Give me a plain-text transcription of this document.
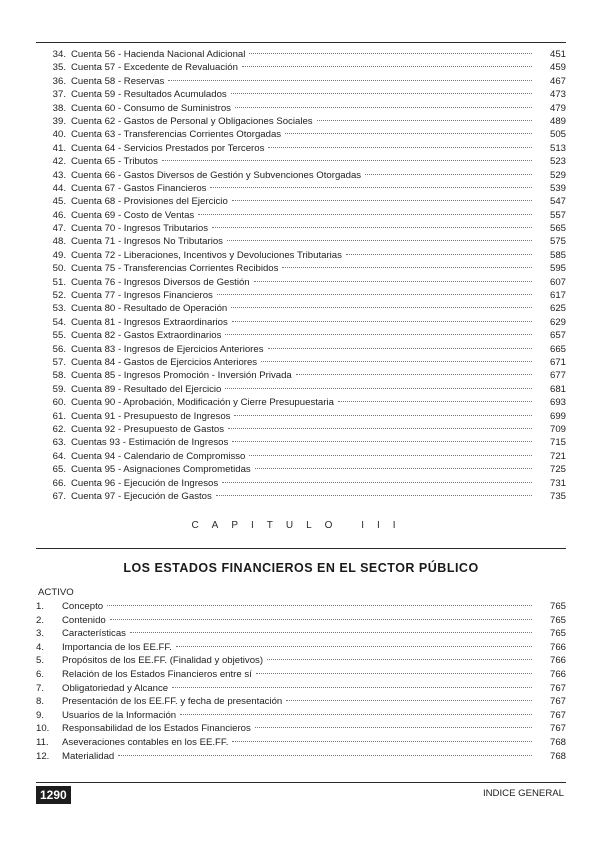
34. Cuenta 56 - Hacienda Nacional Adicional	451
35. Cuenta 57 - Excedente de Revaluación	459
36. Cuenta 58 - Reservas	467
37. Cuenta 59 - Resultados Acumulados	473
38. Cuenta 60 - Consumo de Suministros	479
39. Cuenta 62 - Gastos de Personal y Obligaciones Sociales	489
40. Cuenta 63 - Transferencias Corrientes Otorgadas	505
41. Cuenta 64 - Servicios Prestados por Terceros	513
42. Cuenta 65 - Tributos	523
43. Cuenta 66 - Gastos Diversos de Gestión y Subvenciones Otorgadas	529
44. Cuenta 67 - Gastos Financieros	539
45. Cuenta 68 - Provisiones del Ejercicio	547
46. Cuenta 69 - Costo de Ventas	557
47. Cuenta 70 - Ingresos Tributarios	565
48. Cuenta 71 - Ingresos No Tributarios	575
49. Cuenta 72 - Liberaciones, Incentivos y Devoluciones Tributarias	585
50. Cuenta 75 - Transferencias Corrientes Recibidos	595
51. Cuenta 76 - Ingresos Diversos de Gestión	607
52. Cuenta 77 - Ingresos Financieros	617
53. Cuenta 80 - Resultado de Operación	625
54. Cuenta 81 - Ingresos Extraordinarios	629
55. Cuenta 82 - Gastos Extraordinarios	657
56. Cuenta 83 - Ingresos de Ejercicios Anteriores	665
57. Cuenta 84 - Gastos de Ejercicios Anteriores	671
58. Cuenta 85 - Ingresos Promoción - Inversión Privada	677
59. Cuenta 89 - Resultado del Ejercicio	681
60. Cuenta 90 - Aprobación, Modificación y Cierre Presupuestaria	693
61. Cuenta 91 - Presupuesto de Ingresos	699
62. Cuenta 92 - Presupuesto de Gastos	709
63. Cuentas 93 - Estimación de Ingresos	715
64. Cuenta 94 - Calendario de Compromisso	721
65. Cuenta 95 - Asignaciones Comprometidas	725
66. Cuenta 96 - Ejecución de Ingresos	731
67. Cuenta 97 - Ejecución de Gastos	735
CAPITULO III
LOS ESTADOS FINANCIEROS EN EL SECTOR PÚBLICO
ACTIVO
1.	Concepto	765
2.	Contenido	765
3.	Características	765
4.	Importancia de los EE.FF.	766
5.	Propósitos de los EE.FF. (Finalidad y objetivos)	766
6.	Relación de los Estados Financieros entre sí	766
7.	Obligatoriedad y Alcance	767
8.	Presentación de los EE.FF. y fecha de presentación	767
9.	Usuarios de la Información	767
10. Responsabilidad de los Estados Financieros	767
11. Aseveraciones contables en los EE.FF.	768
12. Materialidad	768
1290	INDICE GENERAL
